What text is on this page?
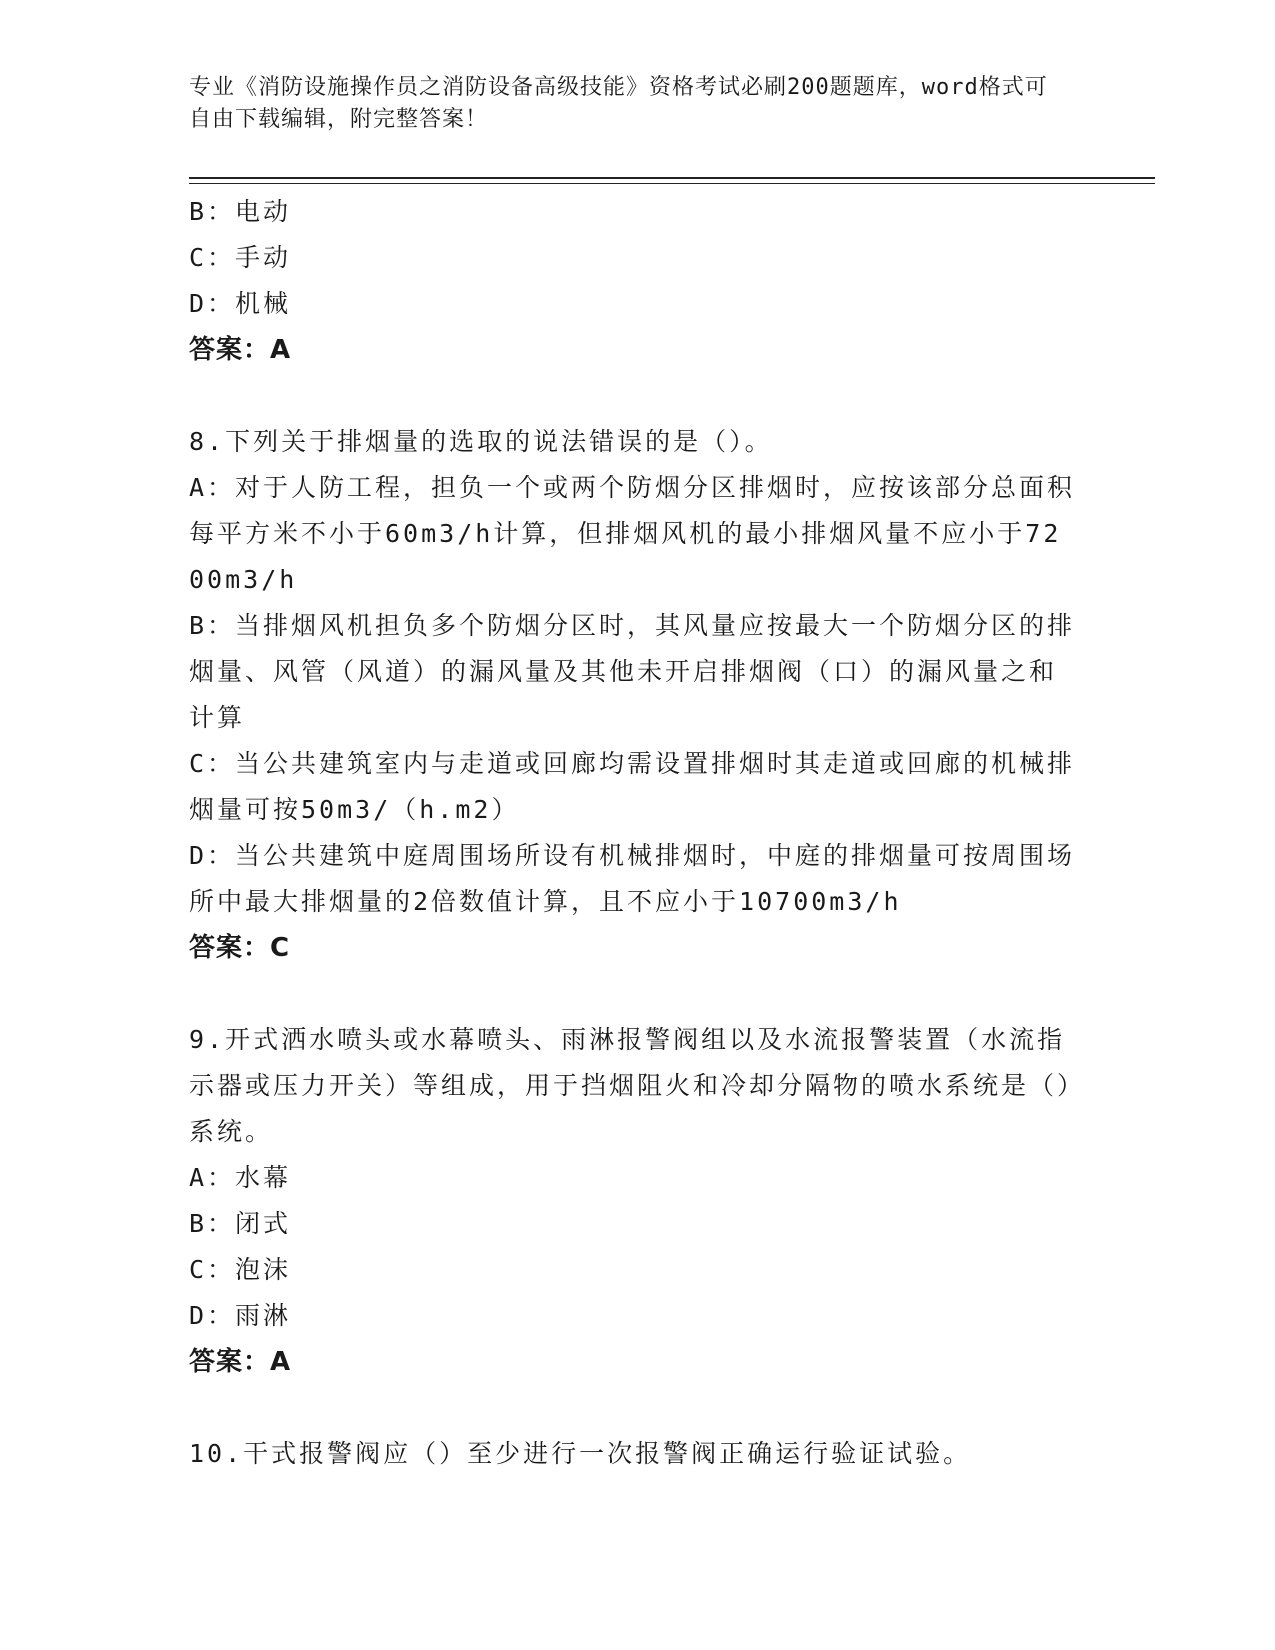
专业《消防设施操作员之消防设备高级技能》资格考试必刷200题题库，word格式可自由下载编辑，附完整答案！
B：电动
C：手动
D：机械
答案：A
8.下列关于排烟量的选取的说法错误的是（）。
A：对于人防工程，担负一个或两个防烟分区排烟时，应按该部分总面积每平方米不小于60m3/h计算，但排烟风机的最小排烟风量不应小于7200m3/h
B：当排烟风机担负多个防烟分区时，其风量应按最大一个防烟分区的排烟量、风管（风道）的漏风量及其他未开启排烟阀（口）的漏风量之和计算
C：当公共建筑室内与走道或回廊均需设置排烟时其走道或回廊的机械排烟量可按50m3/（h.m2）
D：当公共建筑中庭周围场所设有机械排烟时，中庭的排烟量可按周围场所中最大排烟量的2倍数值计算，且不应小于10700m3/h
答案：C
9.开式洒水喷头或水幕喷头、雨淋报警阀组以及水流报警装置（水流指示器或压力开关）等组成，用于挡烟阻火和冷却分隔物的喷水系统是（）系统。
A：水幕
B：闭式
C：泡沫
D：雨淋
答案：A
10.干式报警阀应（）至少进行一次报警阀正确运行验证试验。
